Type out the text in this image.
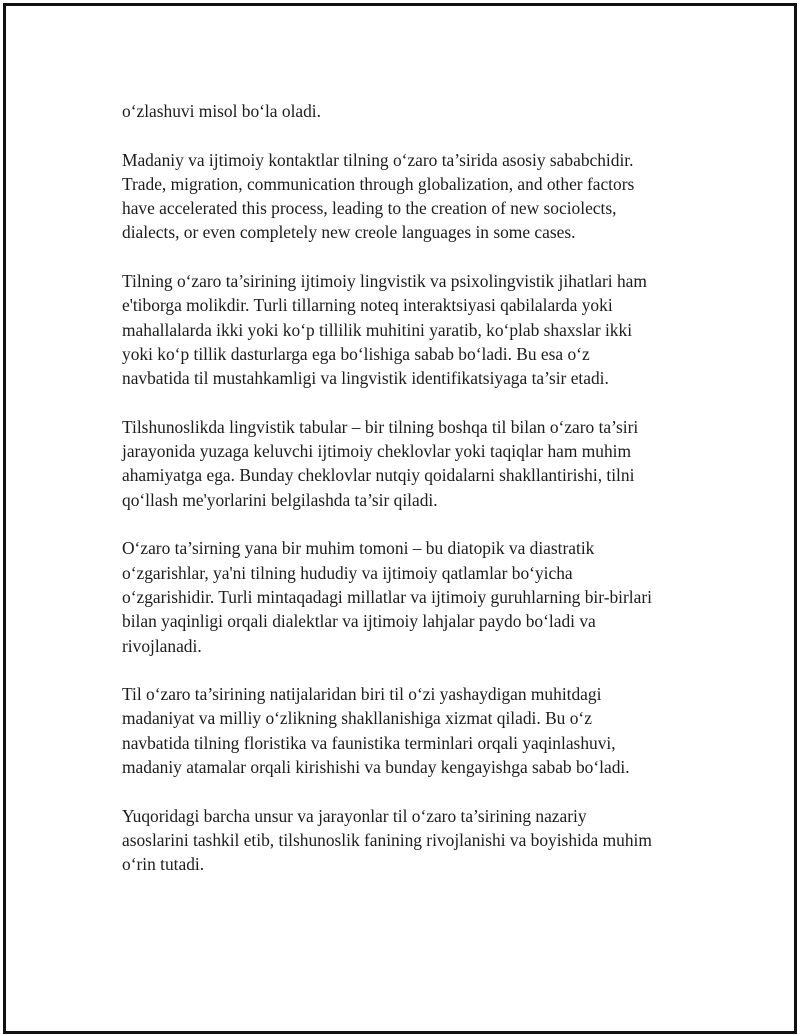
o‘zlashuvi misol bo‘la oladi.

Madaniy va ijtimoiy kontaktlar tilning o‘zaro ta’sirida asosiy sababchidir.
Trade, migration, communication through globalization, and other factors
have accelerated this process, leading to the creation of new sociolects,
dialects, or even completely new creole languages in some cases.

Tilning o‘zaro ta’sirining ijtimoiy lingvistik va psixolingvistik jihatlari ham
e'tiborga molikdir. Turli tillarning noteq interaktsiyasi qabilalarda yoki
mahallalarda ikki yoki ko‘p tillilik muhitini yaratib, ko‘plab shaxslar ikki
yoki ko‘p tillik dasturlarga ega bo‘lishiga sabab bo‘ladi. Bu esa o‘z
navbatida til mustahkamligi va lingvistik identifikatsiyaga ta’sir etadi.

Tilshunoslikda lingvistik tabular – bir tilning boshqa til bilan o‘zaro ta’siri
jarayonida yuzaga keluvchi ijtimoiy cheklovlar yoki taqiqlar ham muhim
ahamiyatga ega. Bunday cheklovlar nutqiy qoidalarni shakllantirishi, tilni
qo‘llash me'yorlarini belgilashda ta’sir qiladi.

O‘zaro ta’sirning yana bir muhim tomoni – bu diatopik va diastratik
o‘zgarishlar, ya'ni tilning hududiy va ijtimoiy qatlamlar bo‘yicha
o‘zgarishidir. Turli mintaqadagi millatlar va ijtimoiy guruhlarning bir-birlari
bilan yaqinligi orqali dialektlar va ijtimoiy lahjalar paydo bo‘ladi va
rivojlanadi.

Til o‘zaro ta’sirining natijalaridan biri til o‘zi yashaydigan muhitdagi
madaniyat va milliy o‘zlikning shakllanishiga xizmat qiladi. Bu o‘z
navbatida tilning floristika va faunistika terminlari orqali yaqinlashuvi,
madaniy atamalar orqali kirishishi va bunday kengayishga sabab bo‘ladi.

Yuqoridagi barcha unsur va jarayonlar til o‘zaro ta’sirining nazariy
asoslarini tashkil etib, tilshunoslik fanining rivojlanishi va boyishida muhim
o‘rin tutadi.
